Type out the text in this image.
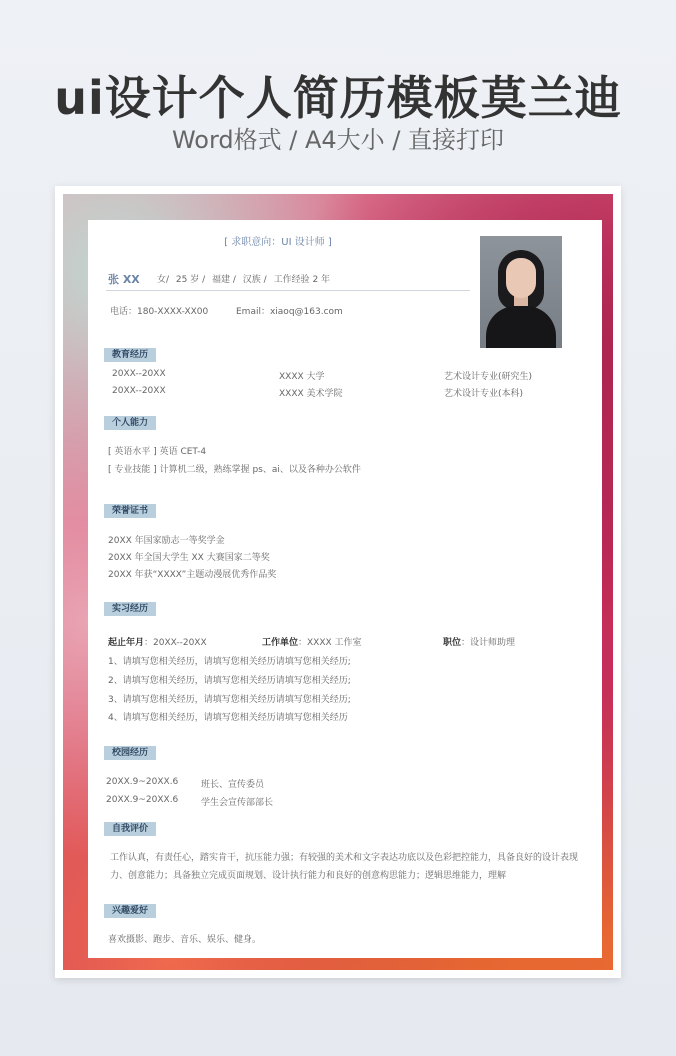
ui设计个人简历模板莫兰迪
Word格式 / A4大小 / 直接打印
[ 求职意向：UI 设计师 ]
张 XX 女/ 25 岁 / 福建 / 汉族 / 工作经验 2 年
电话：180-XXXX-XX00	Email：xiaoq@163.com
教育经历
20XX--20XX	XXXX 大学	艺术设计专业(研究生)
20XX--20XX	XXXX 美术学院	艺术设计专业(本科)
个人能力
[ 英语水平 ] 英语 CET-4
[ 专业技能 ] 计算机二级，熟练掌握 ps、ai、以及各种办公软件
荣誉证书
20XX 年国家励志一等奖学金
20XX 年全国大学生 XX 大赛国家二等奖
20XX 年获“XXXX”主题动漫展优秀作品奖
实习经历
起止年月：20XX--20XX	工作单位：XXXX 工作室	职位：设计师助理
1、请填写您相关经历，请填写您相关经历请填写您相关经历;
2、请填写您相关经历，请填写您相关经历请填写您相关经历;
3、请填写您相关经历，请填写您相关经历请填写您相关经历;
4、请填写您相关经历，请填写您相关经历请填写您相关经历
校园经历
20XX.9~20XX.6	班长、宣传委员
20XX.9~20XX.6	学生会宣传部部长
自我评价
工作认真，有责任心，踏实肯干，抗压能力强；有较强的美术和文字表达功底以及色彩把控能力，具备良好的设计表现力、创意能力；具备独立完成页面规划、设计执行能力和良好的创意构思能力；逻辑思维能力，理解
兴趣爱好
喜欢摄影、跑步、音乐、娱乐、健身。
